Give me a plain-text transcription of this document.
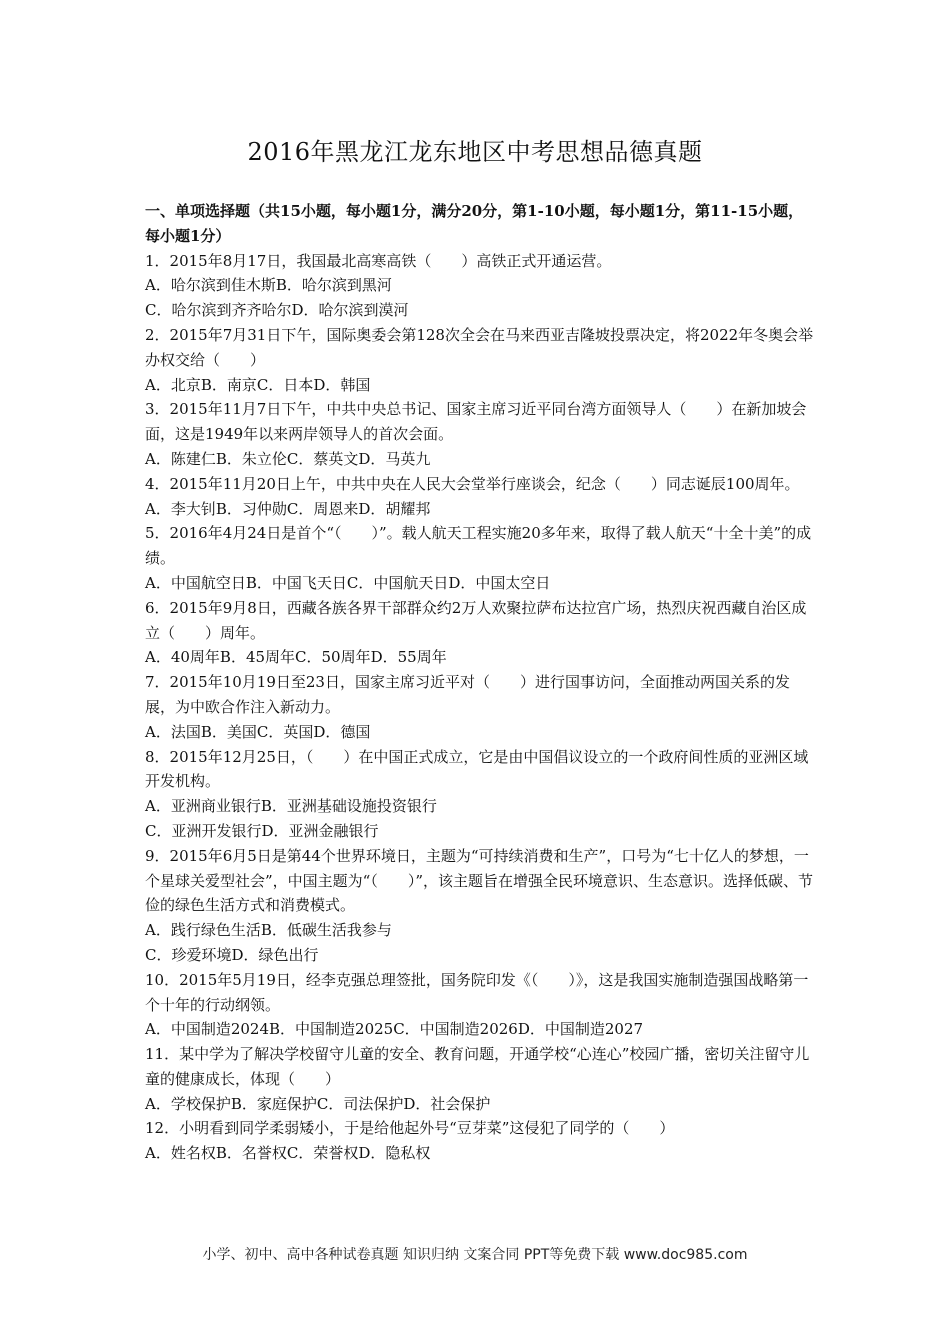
2016年黑龙江龙东地区中考思想品德真题
一、单项选择题（共15小题，每小题1分，满分20分，第1-10小题，每小题1分，第11-15小题，每小题1分）
1．2015年8月17日，我国最北高寒高铁（　　）高铁正式开通运营。
A．哈尔滨到佳木斯B．哈尔滨到黑河
C．哈尔滨到齐齐哈尔D．哈尔滨到漠河
2．2015年7月31日下午，国际奥委会第128次全会在马来西亚吉隆坡投票决定，将2022年冬奥会举办权交给（　　）
A．北京B．南京C．日本D．韩国
3．2015年11月7日下午，中共中央总书记、国家主席习近平同台湾方面领导人（　　）在新加坡会面，这是1949年以来两岸领导人的首次会面。
A．陈建仁B．朱立伦C．蔡英文D．马英九
4．2015年11月20日上午，中共中央在人民大会堂举行座谈会，纪念（　　）同志诞辰100周年。
A．李大钊B．习仲勋C．周恩来D．胡耀邦
5．2016年4月24日是首个“（　　）”。载人航天工程实施20多年来，取得了载人航天“十全十美”的成绩。
A．中国航空日B．中国飞天日C．中国航天日D．中国太空日
6．2015年9月8日，西藏各族各界干部群众约2万人欢聚拉萨布达拉宫广场，热烈庆祝西藏自治区成立（　　）周年。
A．40周年B．45周年C．50周年D．55周年
7．2015年10月19日至23日，国家主席习近平对（　　）进行国事访问，全面推动两国关系的发展，为中欧合作注入新动力。
A．法国B．美国C．英国D．德国
8．2015年12月25日，（　　）在中国正式成立，它是由中国倡议设立的一个政府间性质的亚洲区域开发机构。
A．亚洲商业银行B．亚洲基础设施投资银行
C．亚洲开发银行D．亚洲金融银行
9．2015年6月5日是第44个世界环境日，主题为“可持续消费和生产”，口号为“七十亿人的梦想，一个星球关爱型社会”，中国主题为“（　　）”，该主题旨在增强全民环境意识、生态意识。选择低碳、节俭的绿色生活方式和消费模式。
A．践行绿色生活B．低碳生活我参与
C．珍爱环境D．绿色出行
10．2015年5月19日，经李克强总理签批，国务院印发《（　　）》，这是我国实施制造强国战略第一个十年的行动纲领。
A．中国制造2024B．中国制造2025C．中国制造2026D．中国制造2027
11．某中学为了解决学校留守儿童的安全、教育问题，开通学校“心连心”校园广播，密切关注留守儿童的健康成长，体现（　　）
A．学校保护B．家庭保护C．司法保护D．社会保护
12．小明看到同学柔弱矮小，于是给他起外号“豆芽菜”这侵犯了同学的（　　）
A．姓名权B．名誉权C．荣誉权D．隐私权
小学、初中、高中各种试卷真题 知识归纳 文案合同 PPT等免费下载 www.doc985.com
